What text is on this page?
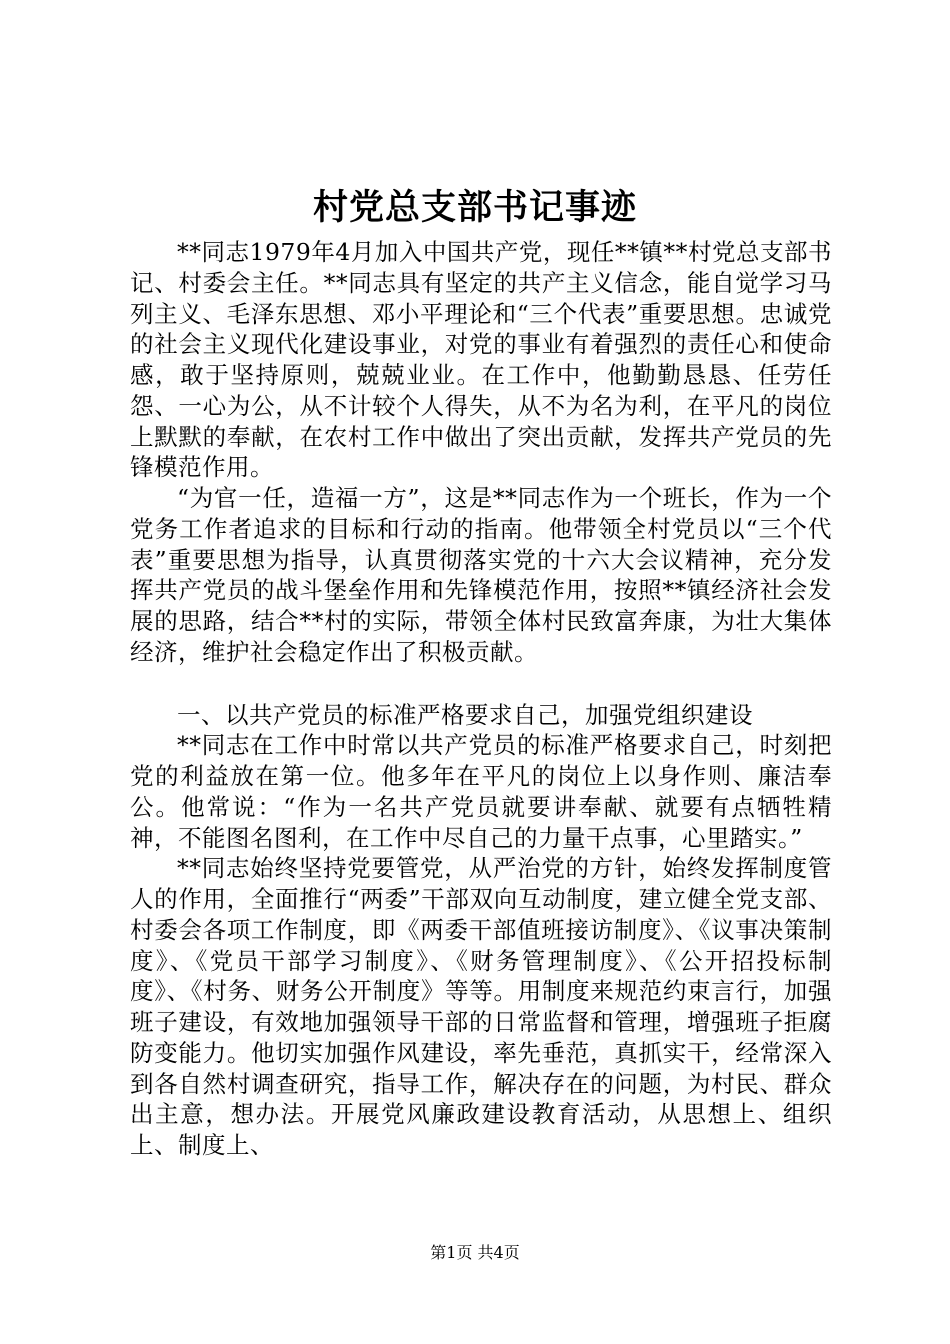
村党总支部书记事迹

**同志1979年4月加入中国共产党，现任**镇**村党总支部书记、村委会主任。**同志具有坚定的共产主义信念，能自觉学习马列主义、毛泽东思想、邓小平理论和“三个代表”重要思想。忠诚党的社会主义现代化建设事业，对党的事业有着强烈的责任心和使命感，敢于坚持原则，兢兢业业。在工作中，他勤勤恳恳、任劳任怨、一心为公，从不计较个人得失，从不为名为利，在平凡的岗位上默默的奉献，在农村工作中做出了突出贡献，发挥共产党员的先锋模范作用。

“为官一任，造福一方”，这是**同志作为一个班长，作为一个党务工作者追求的目标和行动的指南。他带领全村党员以“三个代表”重要思想为指导，认真贯彻落实党的十六大会议精神，充分发挥共产党员的战斗堡垒作用和先锋模范作用，按照**镇经济社会发展的思路，结合**村的实际，带领全体村民致富奔康，为壮大集体经济，维护社会稳定作出了积极贡献。

一、以共产党员的标准严格要求自己，加强党组织建设

**同志在工作中时常以共产党员的标准严格要求自己，时刻把党的利益放在第一位。他多年在平凡的岗位上以身作则、廉洁奉公。他常说：“作为一名共产党员就要讲奉献、就要有点牺牲精神，不能图名图利，在工作中尽自己的力量干点事，心里踏实。”

**同志始终坚持党要管党，从严治党的方针，始终发挥制度管人的作用，全面推行“两委”干部双向互动制度，建立健全党支部、村委会各项工作制度，即《两委干部值班接访制度》、《议事决策制度》、《党员干部学习制度》、《财务管理制度》、《公开招投标制度》、《村务、财务公开制度》等等。用制度来规范约束言行，加强班子建设，有效地加强领导干部的日常监督和管理，增强班子拒腐防变能力。他切实加强作风建设，率先垂范，真抓实干，经常深入到各自然村调查研究，指导工作，解决存在的问题，为村民、群众出主意，想办法。开展党风廉政建设教育活动，从思想上、组织上、制度上、

第1页 共4页
